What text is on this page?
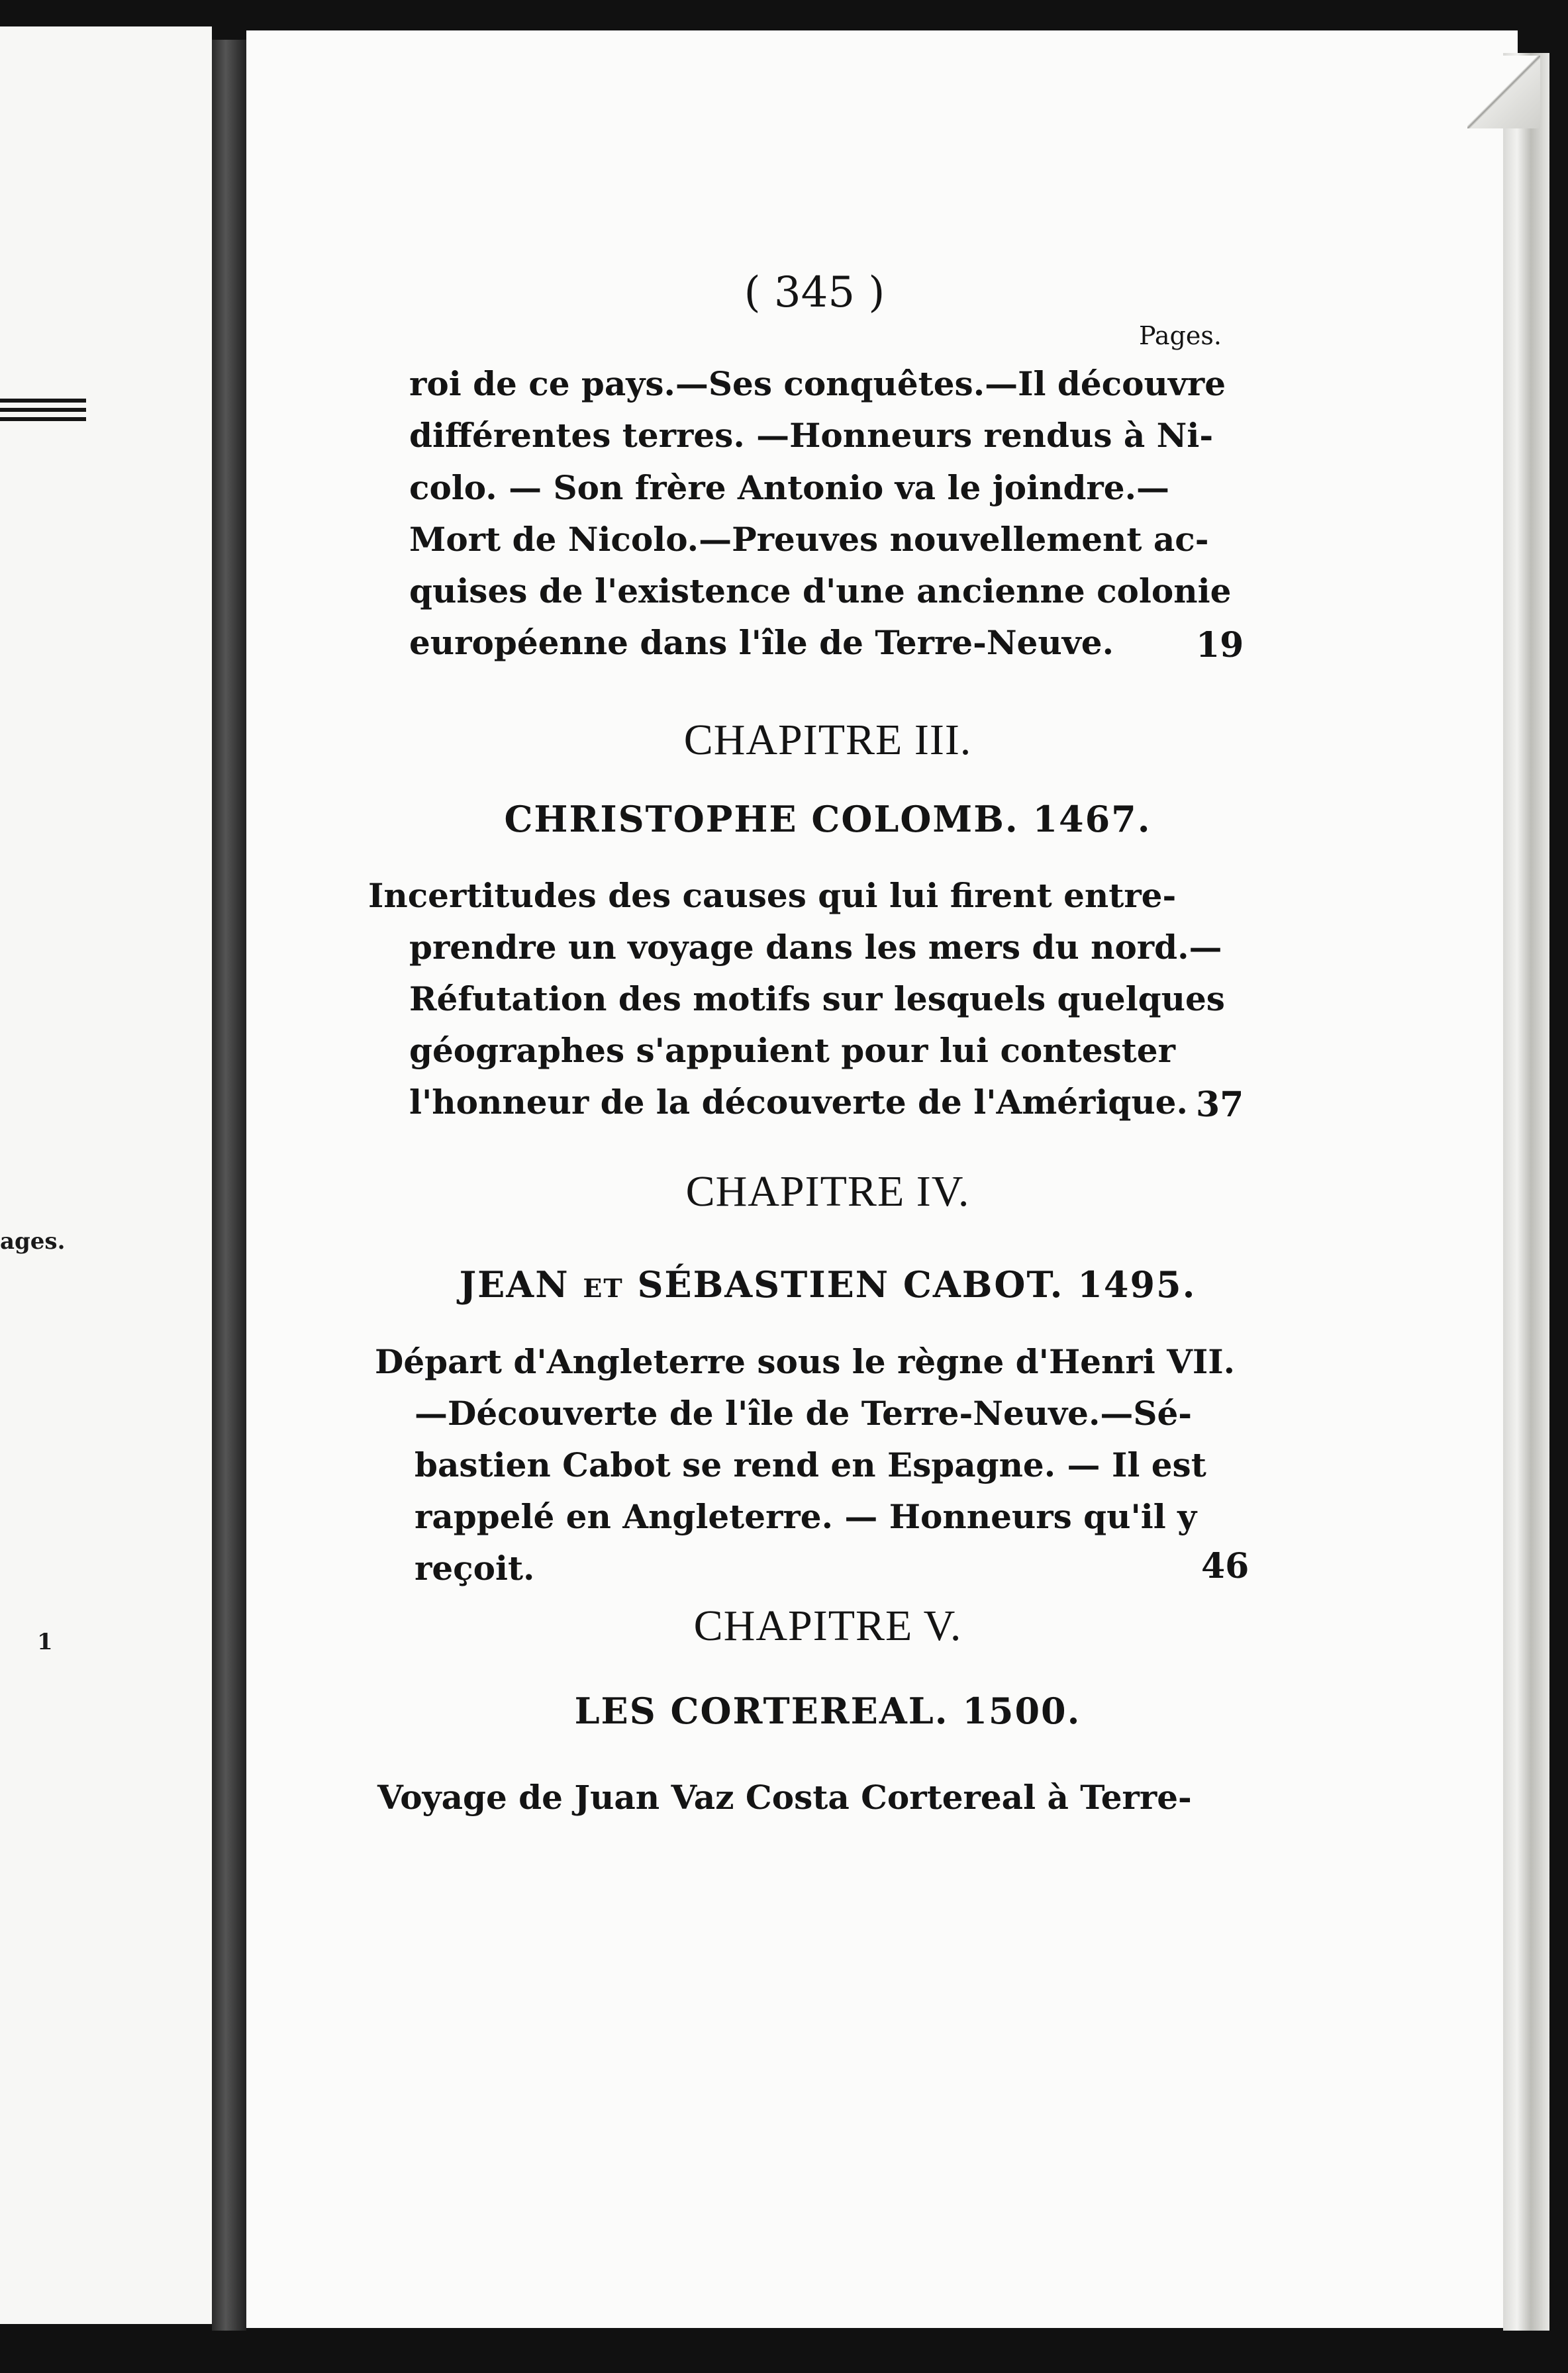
ages.
1
( 345 )
Pages.
roi de ce pays.—Ses conquêtes.—Il découvre
différentes terres. —Honneurs rendus à Ni-
colo. — Son frère Antonio va le joindre.—
Mort de Nicolo.—Preuves nouvellement ac-
quises de l'existence d'une ancienne colonie
européenne dans l'île de Terre-Neuve. 19
CHAPITRE III.
CHRISTOPHE COLOMB. 1467.
Incertitudes des causes qui lui firent entre-
prendre un voyage dans les mers du nord.—
Réfutation des motifs sur lesquels quelques
géographes s'appuient pour lui contester
l'honneur de la découverte de l'Amérique. 37
CHAPITRE IV.
JEAN ET SÉBASTIEN CABOT. 1495.
Départ d'Angleterre sous le règne d'Henri VII.
—Découverte de l'île de Terre-Neuve.—Sé-
bastien Cabot se rend en Espagne. — Il est
rappelé en Angleterre. — Honneurs qu'il y
reçoit.	46
CHAPITRE V.
LES CORTEREAL. 1500.
Voyage de Juan Vaz Costa Cortereal à Terre-
